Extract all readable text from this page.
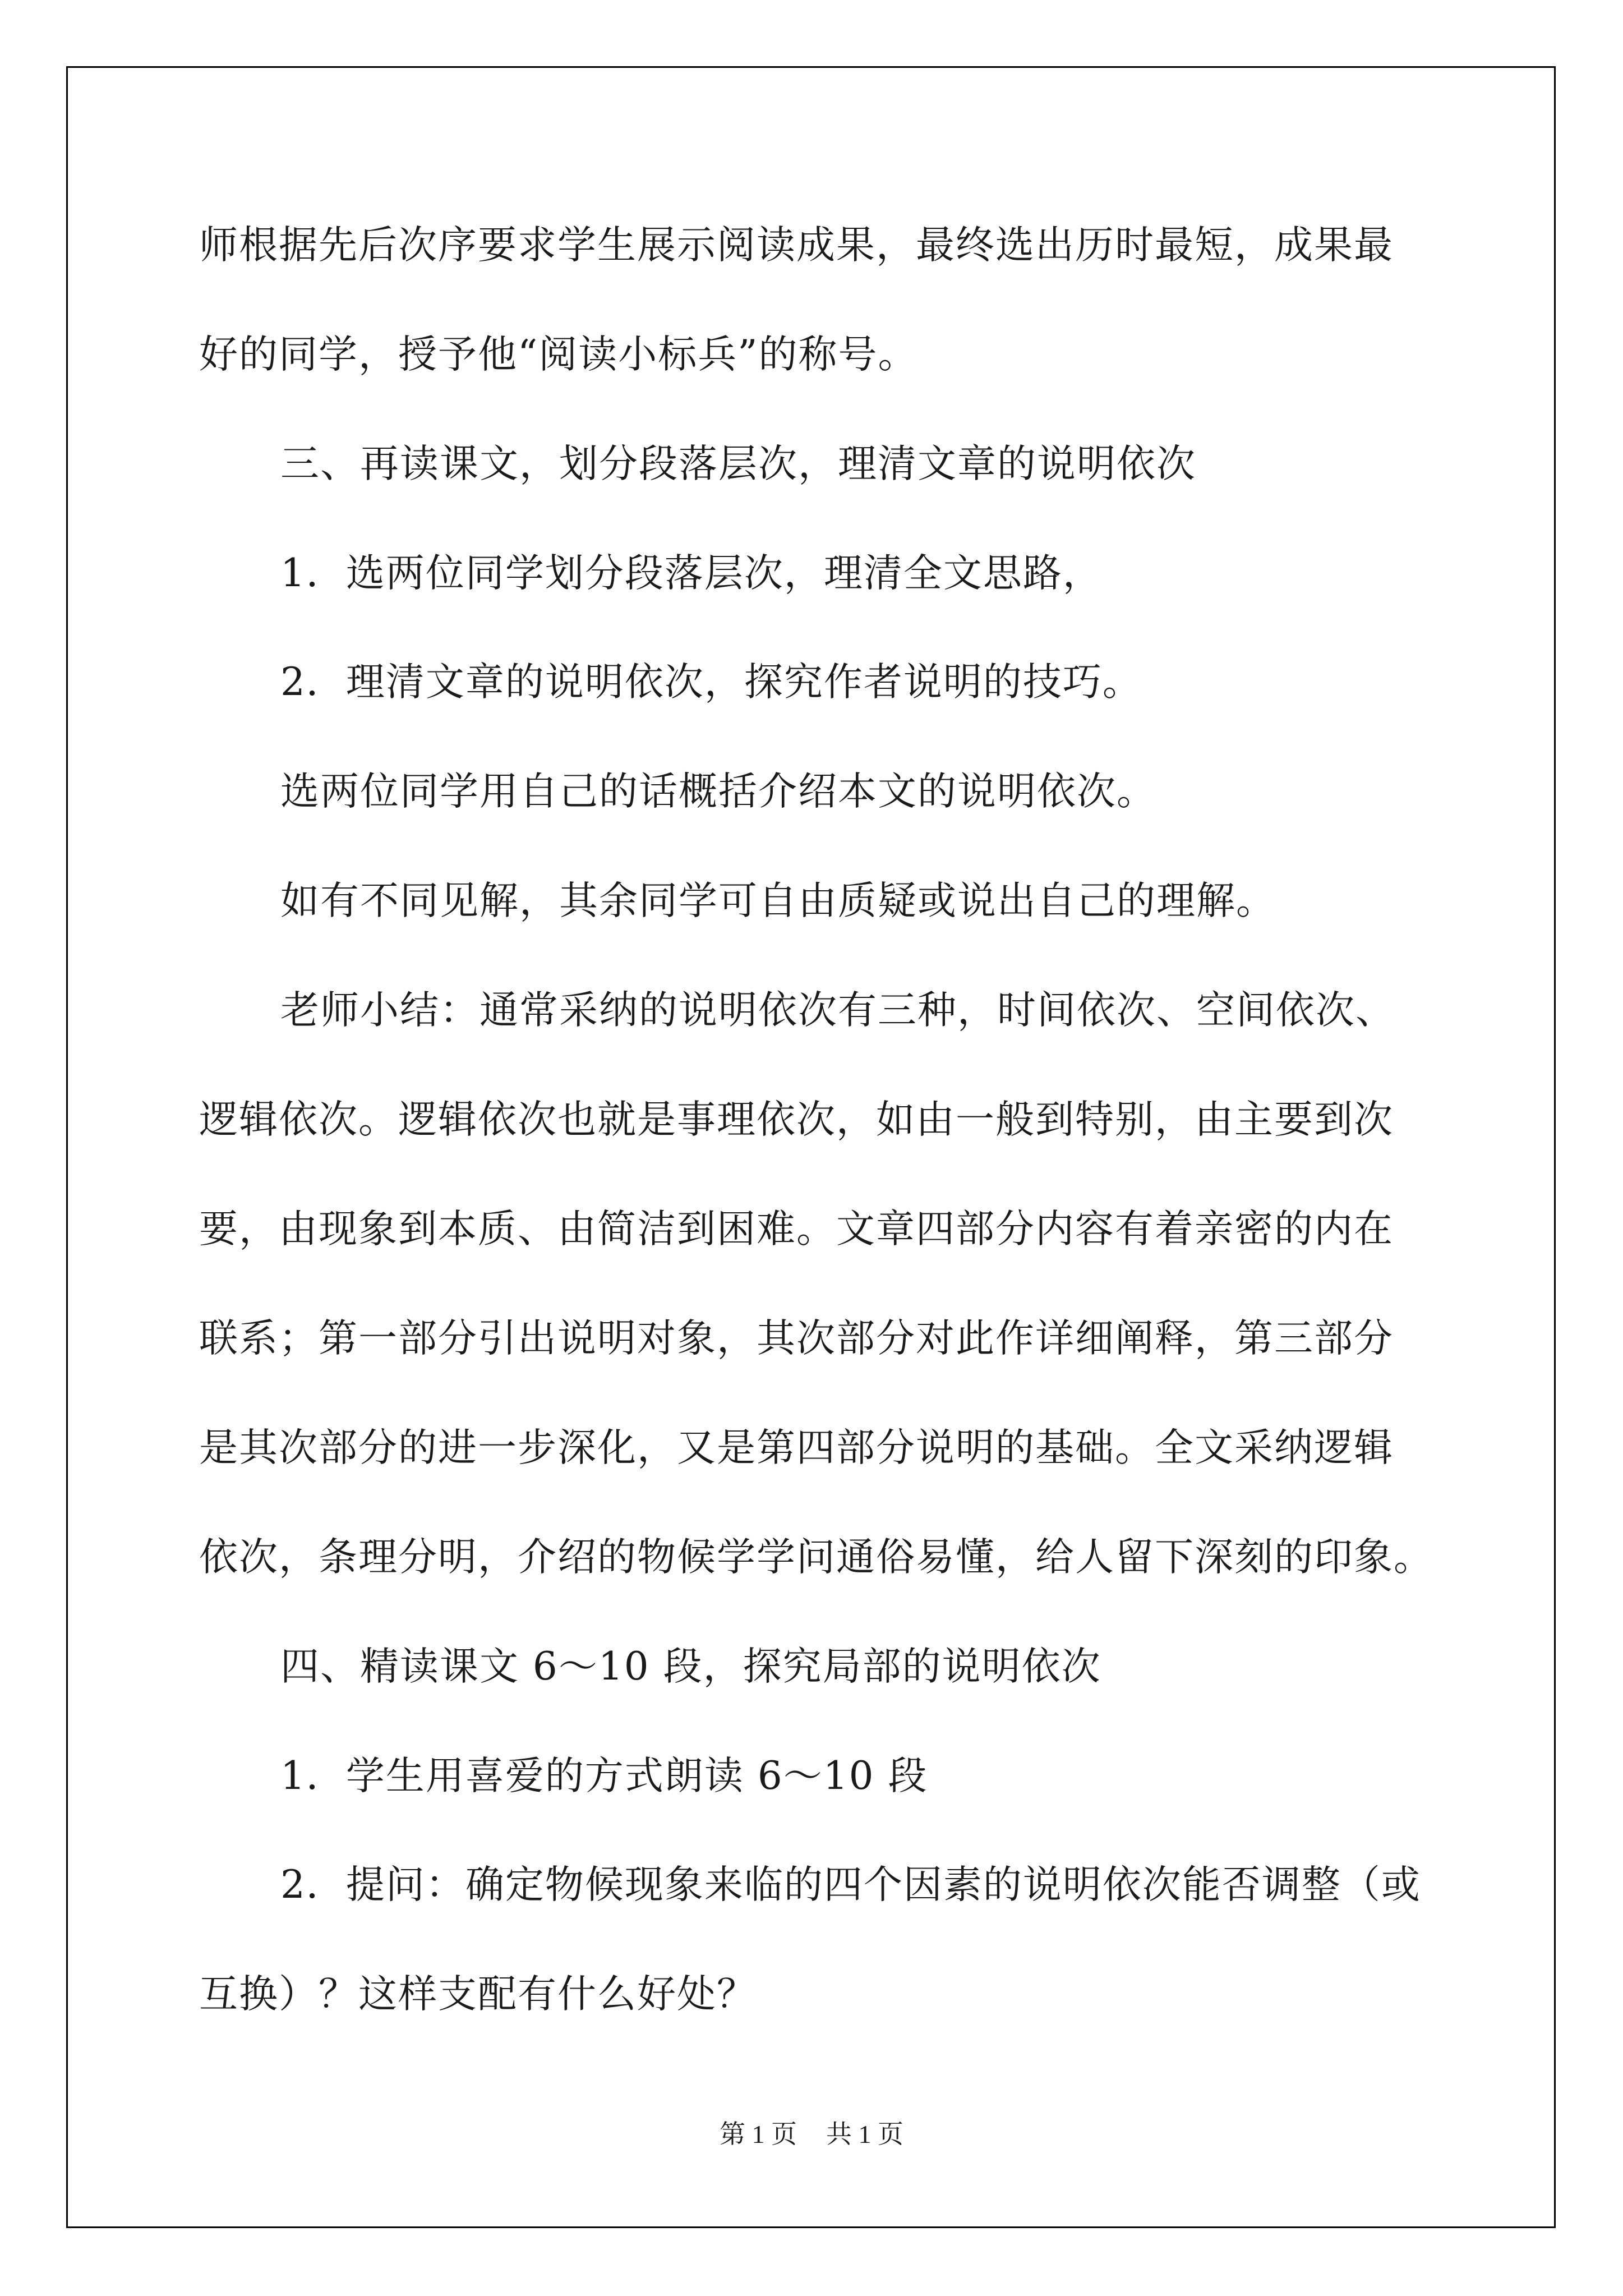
师根据先后次序要求学生展示阅读成果，最终选出历时最短，成果最
好的同学，授予他“阅读小标兵”的称号。
三、再读课文，划分段落层次，理清文章的说明依次
1．选两位同学划分段落层次，理清全文思路，
2．理清文章的说明依次，探究作者说明的技巧。
选两位同学用自己的话概括介绍本文的说明依次。
如有不同见解，其余同学可自由质疑或说出自己的理解。
老师小结：通常采纳的说明依次有三种，时间依次、空间依次、
逻辑依次。逻辑依次也就是事理依次，如由一般到特别，由主要到次
要，由现象到本质、由简洁到困难。文章四部分内容有着亲密的内在
联系；第一部分引出说明对象，其次部分对此作详细阐释，第三部分
是其次部分的进一步深化，又是第四部分说明的基础。全文采纳逻辑
依次，条理分明，介绍的物候学学问通俗易懂，给人留下深刻的印象。
四、精读课文 6～10 段，探究局部的说明依次
1．学生用喜爱的方式朗读 6～10 段
2．提问：确定物候现象来临的四个因素的说明依次能否调整（或
互换）？这样支配有什么好处？
第 1 页 共 1 页
